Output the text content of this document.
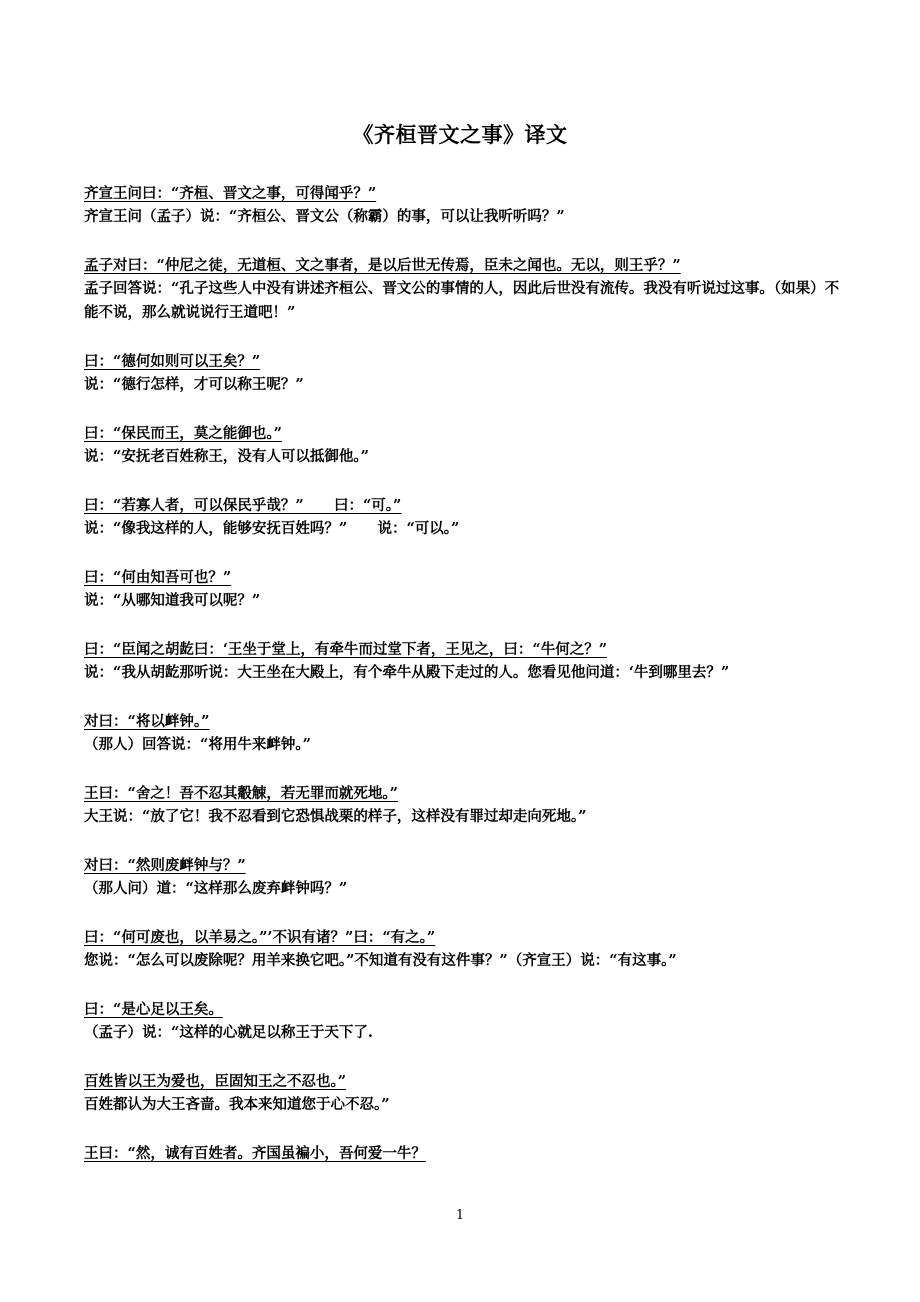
《齐桓晋文之事》译文
齐宣王问曰：“齐桓、晋文之事，可得闻乎？”
齐宣王问（孟子）说：“齐桓公、晋文公（称霸）的事，可以让我听听吗？”
孟子对曰：“仲尼之徒，无道桓、文之事者，是以后世无传焉，臣未之闻也。无以，则王乎？”
孟子回答说：“孔子这些人中没有讲述齐桓公、晋文公的事情的人，因此后世没有流传。我没有听说过这事。（如果）不能不说，那么就说说行王道吧！”
曰：“德何如则可以王矣？”
说：“德行怎样，才可以称王呢？”
曰：“保民而王，莫之能御也。”
说：“安抚老百姓称王，没有人可以抵御他。”
曰：“若寡人者，可以保民乎哉？”      曰：“可。”
说：“像我这样的人，能够安抚百姓吗？”      说：“可以。”
曰：“何由知吾可也？”
说：“从哪知道我可以呢？”
曰：“臣闻之胡龁曰：‘王坐于堂上，有牵牛而过堂下者，王见之，曰：“牛何之？”
说：“我从胡龁那听说：大王坐在大殿上，有个牵牛从殿下走过的人。您看见他问道：‘牛到哪里去？”
对曰：“将以衅钟。”
（那人）回答说：“将用牛来衅钟。”
王曰：“舍之！吾不忍其觳觫，若无罪而就死地。”
大王说：“放了它！我不忍看到它恐惧战栗的样子，这样没有罪过却走向死地。”
对曰：“然则废衅钟与？”
（那人问）道：“这样那么废弃衅钟吗？”
曰：“何可废也，以羊易之。”’不识有诸？”曰：“有之。”
您说：“怎么可以废除呢？用羊来换它吧。”不知道有没有这件事？”（齐宣王）说：“有这事。”
曰：“是心足以王矣。
（孟子）说：“这样的心就足以称王于天下了.
百姓皆以王为爱也，臣固知王之不忍也。”
百姓都认为大王吝啬。我本来知道您于心不忍。”
王曰：“然，诚有百姓者。齐国虽褊小，吾何爱一牛？
1
